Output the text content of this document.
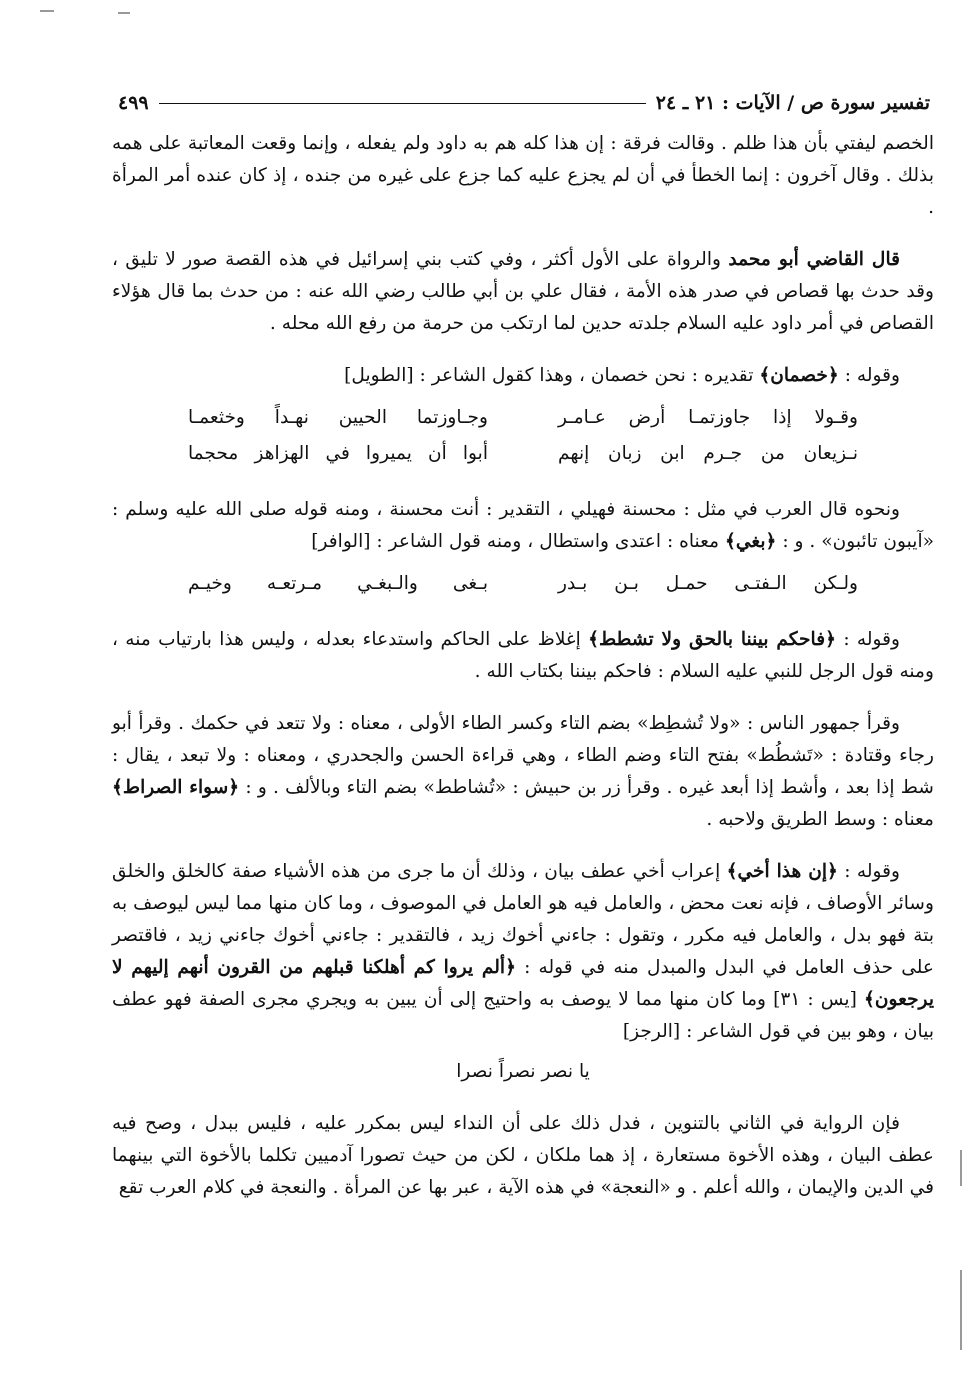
تفسير سورة ص / الآيات : ٢١ ـ ٢٤
٤٩٩

الخصم ليفتي بأن هذا ظلم . وقالت فرقة : إن هذا كله هم به داود ولم يفعله ، وإنما وقعت المعاتبة على همه بذلك . وقال آخرون : إنما الخطأ في أن لم يجزع عليه كما جزع على غيره من جنده ، إذ كان عنده أمر المرأة .

قال القاضي أبو محمد والرواة على الأول أكثر ، وفي كتب بني إسرائيل في هذه القصة صور لا تليق ، وقد حدث بها قصاص في صدر هذه الأمة ، فقال علي بن أبي طالب رضي الله عنه : من حدث بما قال هؤلاء القصاص في أمر داود عليه السلام جلدته حدين لما ارتكب من حرمة من رفع الله محله .

وقوله : ﴿خصمان﴾ تقديره : نحن خصمان ، وهذا كقول الشاعر : [الطويل]

وقـولا إذا جاوزتمـا أرض عـامـر
وجـاوزتما الحيين نهـداً وخثعمـا
نـزيعان من جـرم ابن زبان إنهم
أبوا أن يميروا في الهزاهز محجما

ونحوه قال العرب في مثل : محسنة فهيلي ، التقدير : أنت محسنة ، ومنه قوله صلى الله عليه وسلم : «آيبون تائبون» . و : ﴿بغي﴾ معناه : اعتدى واستطال ، ومنه قول الشاعر : [الوافر]

ولـكن الـفتـى حمـل بـن بـدر
بـغى والـبغـي مـرتعـه وخيـم

وقوله : ﴿فاحكم بيننا بالحق ولا تشطط﴾ إغلاظ على الحاكم واستدعاء بعدله ، وليس هذا بارتياب منه ، ومنه قول الرجل للنبي عليه السلام : فاحكم بيننا بكتاب الله .

وقرأ جمهور الناس : «ولا تُشطِط» بضم التاء وكسر الطاء الأولى ، معناه : ولا تتعد في حكمك . وقرأ أبو رجاء وقتادة : «تَشطُط» بفتح التاء وضم الطاء ، وهي قراءة الحسن والجحدري ، ومعناه : ولا تبعد ، يقال : شط إذا بعد ، وأشط إذا أبعد غيره . وقرأ زر بن حبيش : «تُشاطط» بضم التاء وبالألف . و : ﴿سواء الصراط﴾ معناه : وسط الطريق ولاحبه .

وقوله : ﴿إن هذا أخي﴾ إعراب أخي عطف بيان ، وذلك أن ما جرى من هذه الأشياء صفة كالخلق والخلق وسائر الأوصاف ، فإنه نعت محض ، والعامل فيه هو العامل في الموصوف ، وما كان منها مما ليس ليوصف به بتة فهو بدل ، والعامل فيه مكرر ، وتقول : جاءني أخوك زيد ، فالتقدير : جاءني أخوك جاءني زيد ، فاقتصر على حذف العامل في البدل والمبدل منه في قوله : ﴿ألم يروا كم أهلكنا قبلهم من القرون أنهم إليهم لا يرجعون﴾ [يس : ٣١] وما كان منها مما لا يوصف به واحتيج إلى أن يبين به ويجري مجرى الصفة فهو عطف بيان ، وهو بين في قول الشاعر : [الرجز]

يا نصر نصراً نصرا

فإن الرواية في الثاني بالتنوين ، فدل ذلك على أن النداء ليس بمكرر عليه ، فليس ببدل ، وصح فيه عطف البيان ، وهذه الأخوة مستعارة ، إذ هما ملكان ، لكن من حيث تصورا آدميين تكلما بالأخوة التي بينهما في الدين والإيمان ، والله أعلم . و «النعجة» في هذه الآية ، عبر بها عن المرأة . والنعجة في كلام العرب تقع
